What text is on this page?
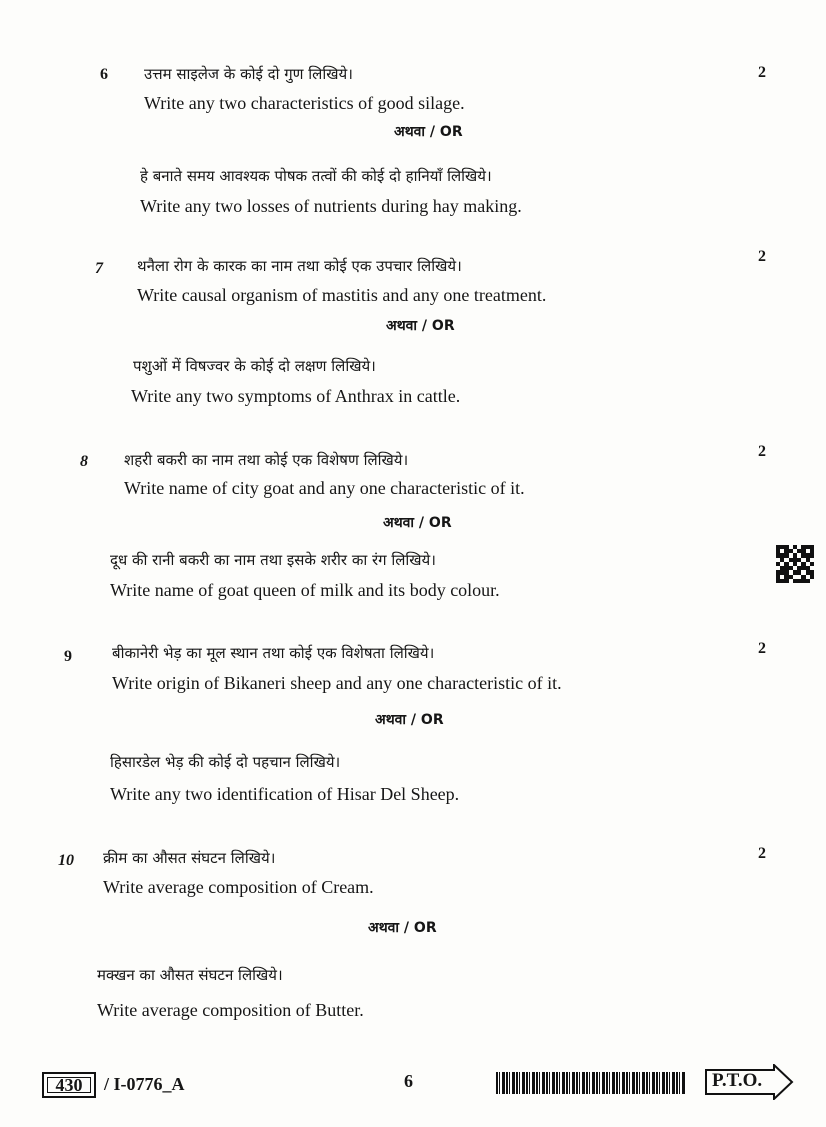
6 उत्तम साइलेज के कोई दो गुण लिखिये।	2
Write any two characteristics of good silage.
अथवा / OR
हे बनाते समय आवश्यक पोषक तत्वों की कोई दो हानियाँ लिखिये।
Write any two losses of nutrients during hay making.
7 थनैला रोग के कारक का नाम तथा कोई एक उपचार लिखिये।
2
Write causal organism of mastitis and any one treatment.
अथवा / OR
पशुओं में विषज्वर के कोई दो लक्षण लिखिये।
Write any two symptoms of Anthrax in cattle.
8 शहरी बकरी का नाम तथा कोई एक विशेषण लिखिये।	2
Write name of city goat and any one characteristic of it.
अथवा / OR
दूध की रानी बकरी का नाम तथा इसके शरीर का रंग लिखिये।
Write name of goat queen of milk and its body colour.
9	बीकानेरी भेड़ का मूल स्थान तथा कोई एक विशेषता लिखिये।	2
Write origin of Bikaneri sheep and any one characteristic of it.
अथवा / OR
हिसारडेल भेड़ की कोई दो पहचान लिखिये।
Write any two identification of Hisar Del Sheep.
10 क्रीम का औसत संघटन लिखिये।	2
Write average composition of Cream.
अथवा / OR
मक्खन का औसत संघटन लिखिये।
Write average composition of Butter.
430	/ I-0776_A	6	P.T.O.
